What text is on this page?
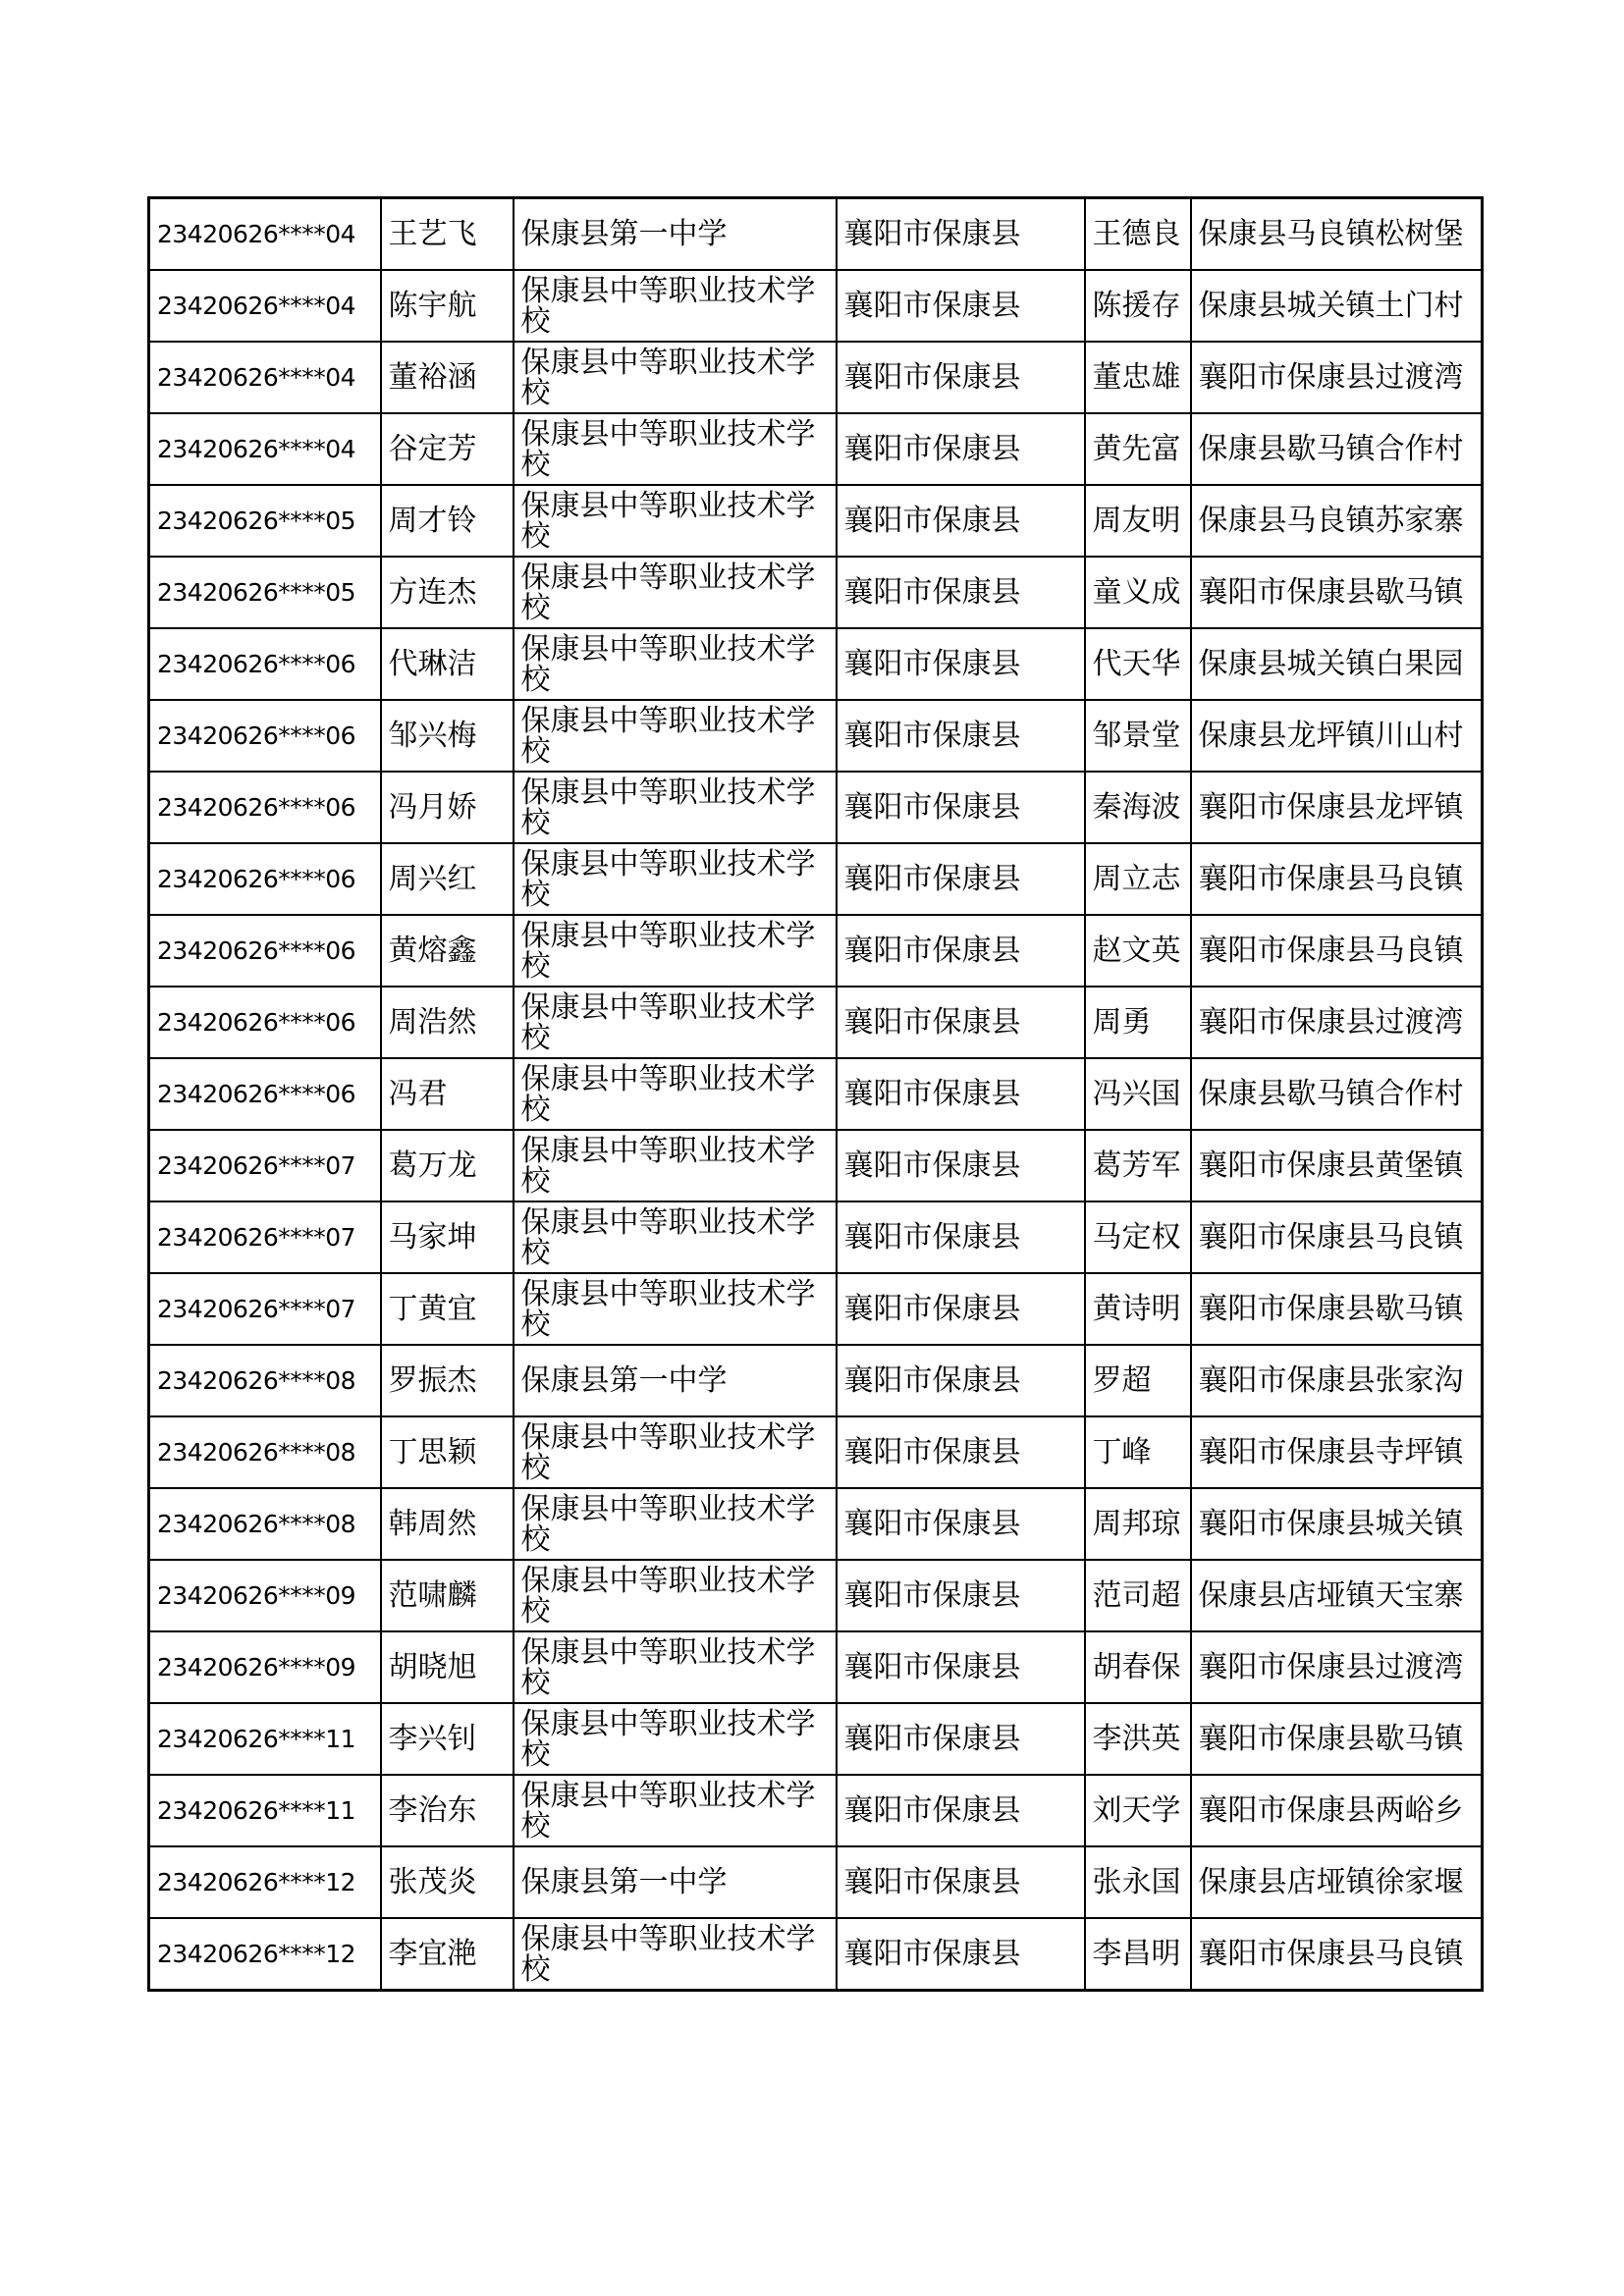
23420626****04	王艺飞	保康县第一中学	襄阳市保康县	王德良	保康县马良镇松树堡
23420626****04	陈宇航	保康县中等职业技术学校	襄阳市保康县	陈援存	保康县城关镇土门村
23420626****04	董裕涵	保康县中等职业技术学校	襄阳市保康县	董忠雄	襄阳市保康县过渡湾
23420626****04	谷定芳	保康县中等职业技术学校	襄阳市保康县	黄先富	保康县歇马镇合作村
23420626****05	周才铃	保康县中等职业技术学校	襄阳市保康县	周友明	保康县马良镇苏家寨
23420626****05	方连杰	保康县中等职业技术学校	襄阳市保康县	童义成	襄阳市保康县歇马镇
23420626****06	代琳洁	保康县中等职业技术学校	襄阳市保康县	代天华	保康县城关镇白果园
23420626****06	邹兴梅	保康县中等职业技术学校	襄阳市保康县	邹景堂	保康县龙坪镇川山村
23420626****06	冯月娇	保康县中等职业技术学校	襄阳市保康县	秦海波	襄阳市保康县龙坪镇
23420626****06	周兴红	保康县中等职业技术学校	襄阳市保康县	周立志	襄阳市保康县马良镇
23420626****06	黄熔鑫	保康县中等职业技术学校	襄阳市保康县	赵文英	襄阳市保康县马良镇
23420626****06	周浩然	保康县中等职业技术学校	襄阳市保康县	周勇	襄阳市保康县过渡湾
23420626****06	冯君	保康县中等职业技术学校	襄阳市保康县	冯兴国	保康县歇马镇合作村
23420626****07	葛万龙	保康县中等职业技术学校	襄阳市保康县	葛芳军	襄阳市保康县黄堡镇
23420626****07	马家坤	保康县中等职业技术学校	襄阳市保康县	马定权	襄阳市保康县马良镇
23420626****07	丁黄宜	保康县中等职业技术学校	襄阳市保康县	黄诗明	襄阳市保康县歇马镇
23420626****08	罗振杰	保康县第一中学	襄阳市保康县	罗超	襄阳市保康县张家沟
23420626****08	丁思颖	保康县中等职业技术学校	襄阳市保康县	丁峰	襄阳市保康县寺坪镇
23420626****08	韩周然	保康县中等职业技术学校	襄阳市保康县	周邦琼	襄阳市保康县城关镇
23420626****09	范啸麟	保康县中等职业技术学校	襄阳市保康县	范司超	保康县店垭镇天宝寨
23420626****09	胡晓旭	保康县中等职业技术学校	襄阳市保康县	胡春保	襄阳市保康县过渡湾
23420626****11	李兴钊	保康县中等职业技术学校	襄阳市保康县	李洪英	襄阳市保康县歇马镇
23420626****11	李治东	保康县中等职业技术学校	襄阳市保康县	刘天学	襄阳市保康县两峪乡
23420626****12	张茂炎	保康县第一中学	襄阳市保康县	张永国	保康县店垭镇徐家堰
23420626****12	李宜滟	保康县中等职业技术学校	襄阳市保康县	李昌明	襄阳市保康县马良镇
